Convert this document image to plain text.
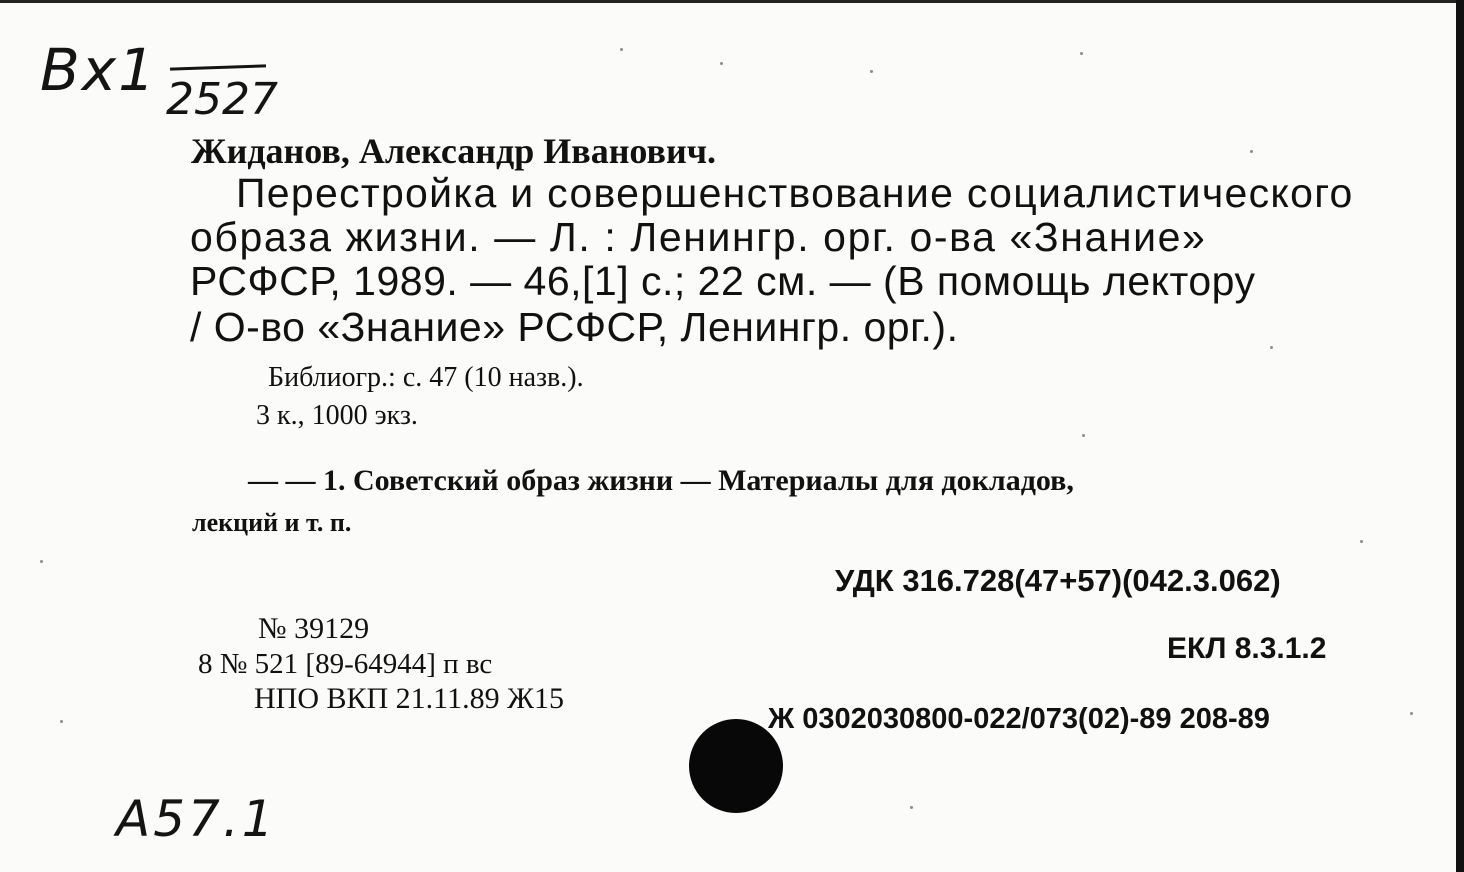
Вх1 2527
А57.1
Жиданов, Александр Иванович.
Перестройка и совершенствование социалистического
образа жизни. — Л. : Ленингр. орг. о-ва «Знание»
РСФСР, 1989. — 46,[1] с.; 22 см. — (В помощь лектору
/ О-во «Знание» РСФСР, Ленингр. орг.).
Библиогр.: с. 47 (10 назв.).
3 к., 1000 экз.
— — 1. Советский образ жизни — Материалы для докладов,
лекций и т. п.
УДК 316.728(47+57)(042.3.062)
ЕКЛ 8.3.1.2
Ж 0302030800-022/073(02)-89 208-89
№ 39129
8 № 521 [89-64944] п вс
НПО ВКП 21.11.89 Ж15
